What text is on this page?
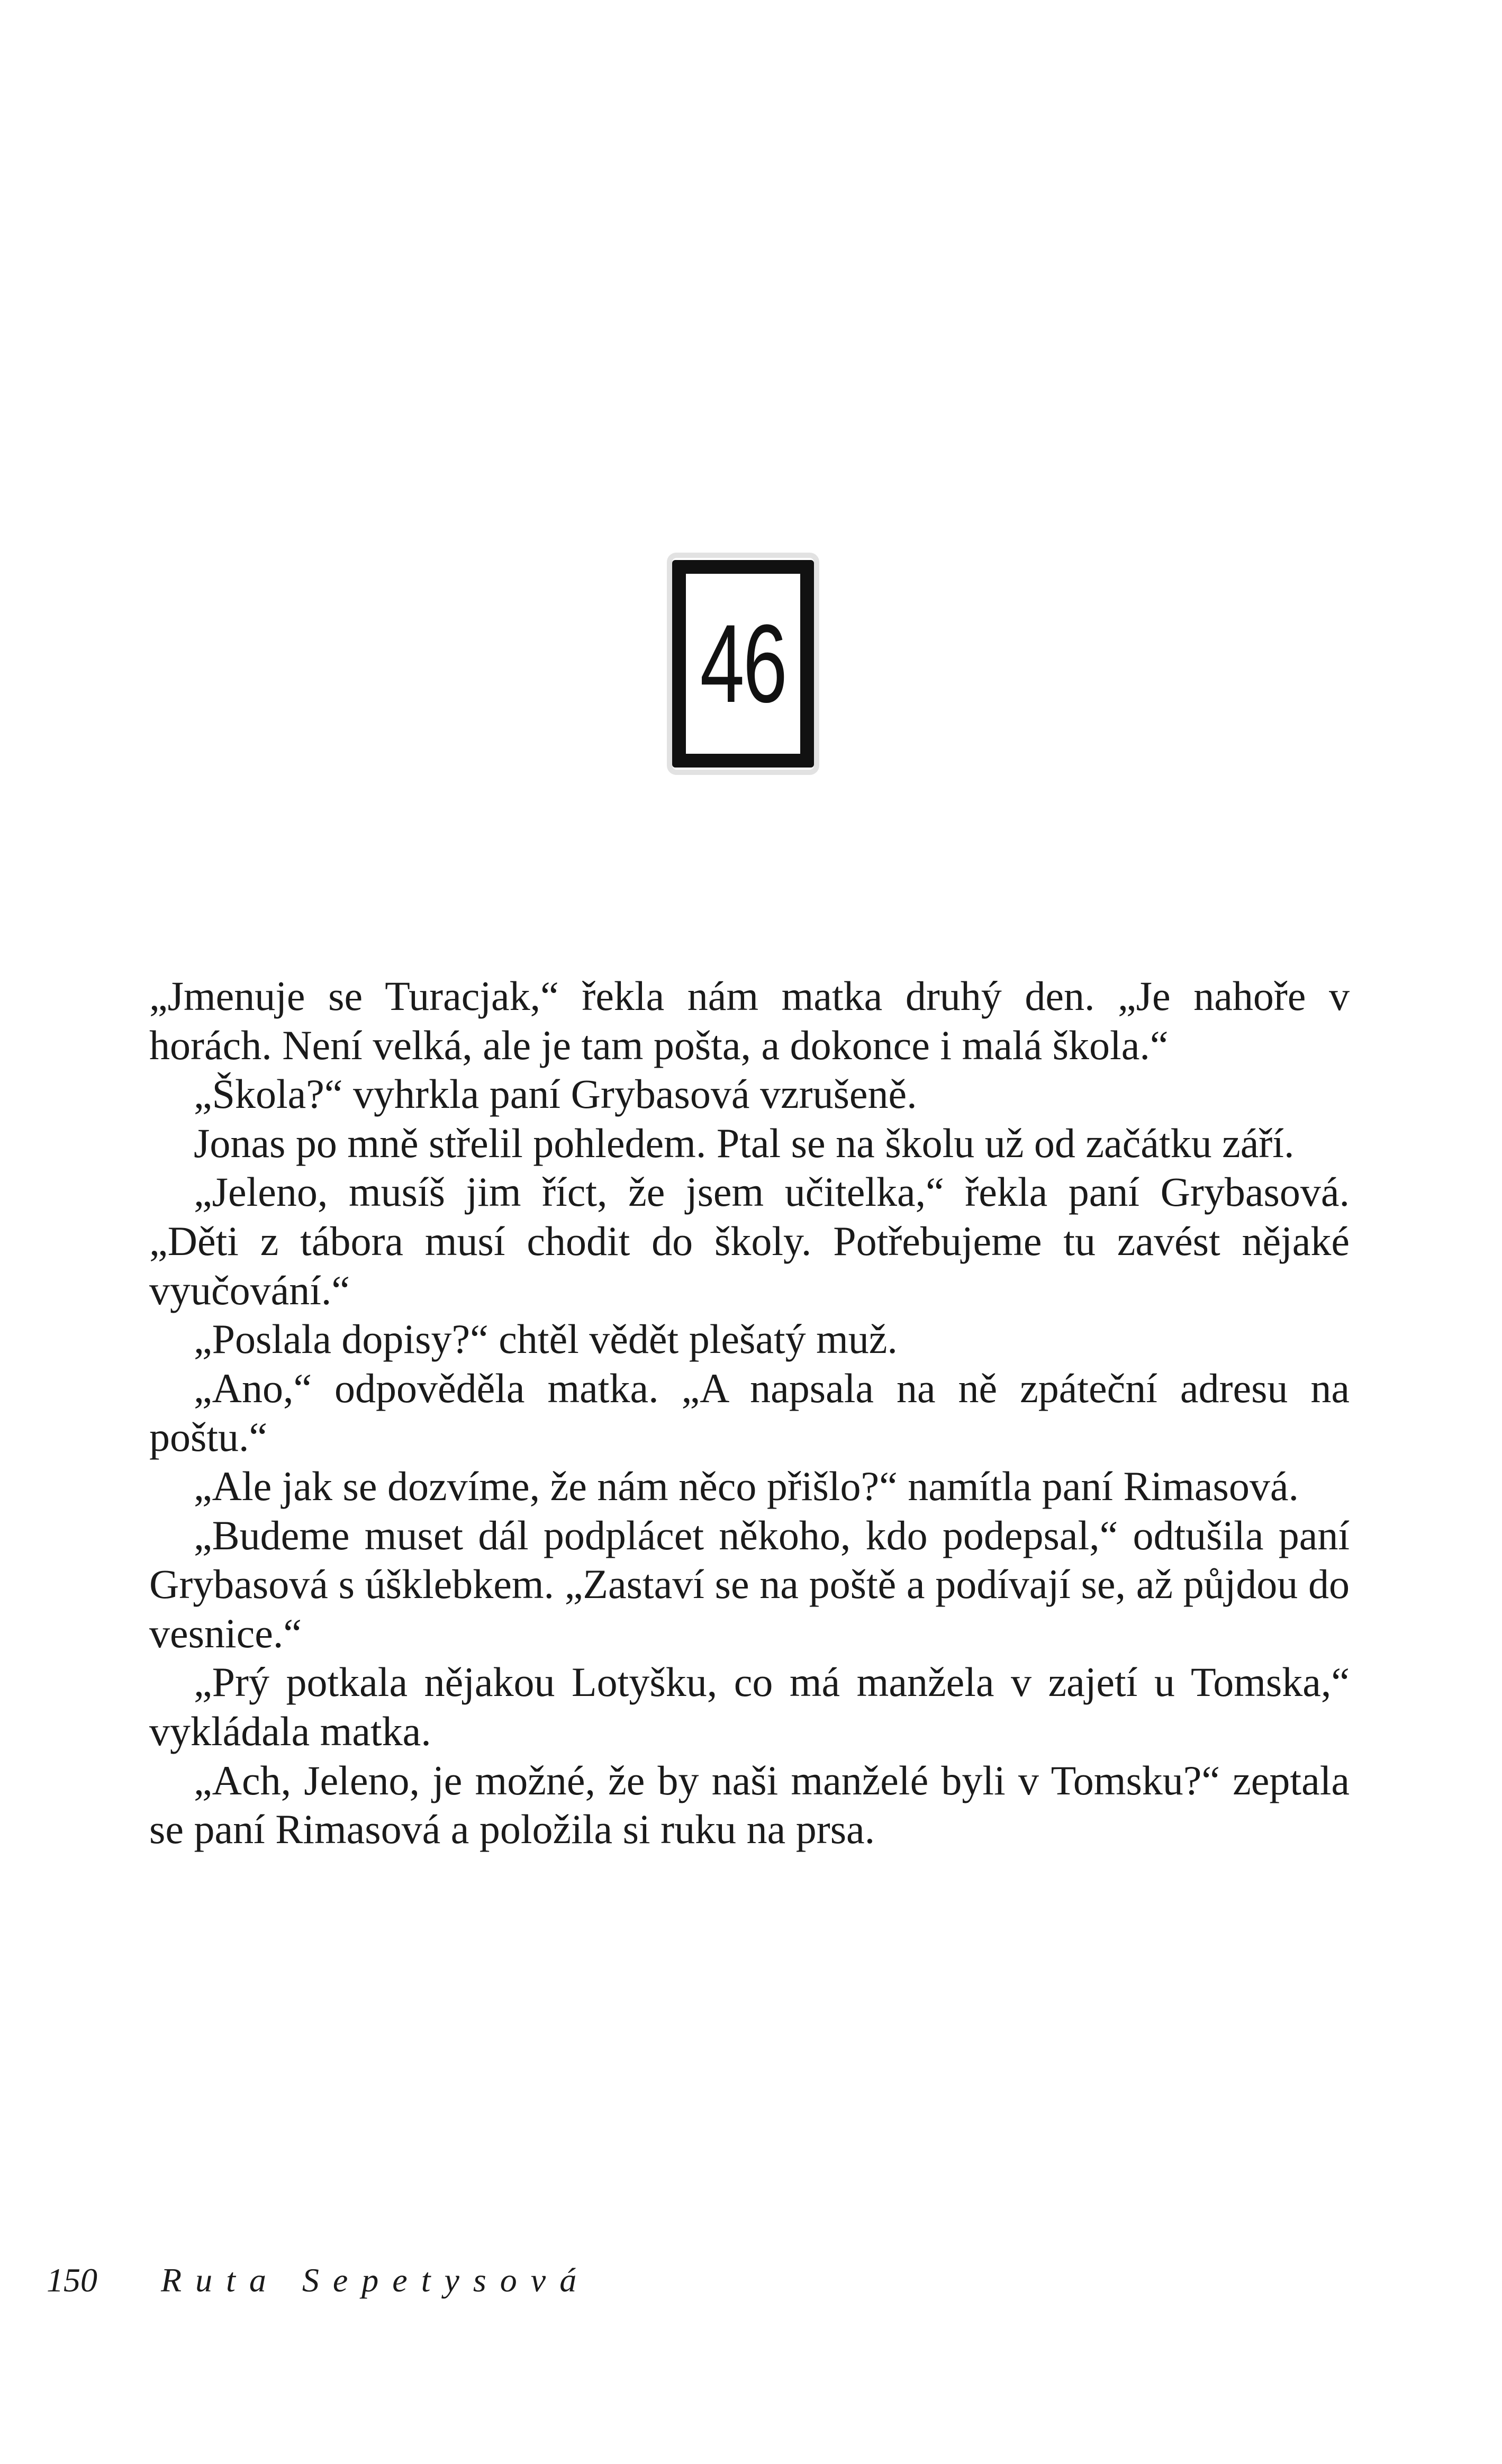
46

„Jmenuje se Turacjak,“ řekla nám matka druhý den. „Je nahoře v horách. Není velká, ale je tam pošta, a dokonce i malá škola.“

„Škola?“ vyhrkla paní Grybasová vzrušeně.

Jonas po mně střelil pohledem. Ptal se na školu už od začátku září.

„Jeleno, musíš jim říct, že jsem učitelka,“ řekla paní Grybasová. „Děti z tábora musí chodit do školy. Potřebujeme tu zavést nějaké vyučování.“

„Poslala dopisy?“ chtěl vědět plešatý muž.

„Ano,“ odpověděla matka. „A napsala na ně zpáteční adresu na poštu.“

„Ale jak se dozvíme, že nám něco přišlo?“ namítla paní Rimasová.

„Budeme muset dál podplácet někoho, kdo podepsal,“ odtušila paní Grybasová s úšklebkem. „Zastaví se na poště a podívají se, až půjdou do vesnice.“

„Prý potkala nějakou Lotyšku, co má manžela v zajetí u Tomska,“ vykládala matka.

„Ach, Jeleno, je možné, že by naši manželé byli v Tomsku?“ zeptala se paní Rimasová a položila si ruku na prsa.

150 Ruta Sepetysová
